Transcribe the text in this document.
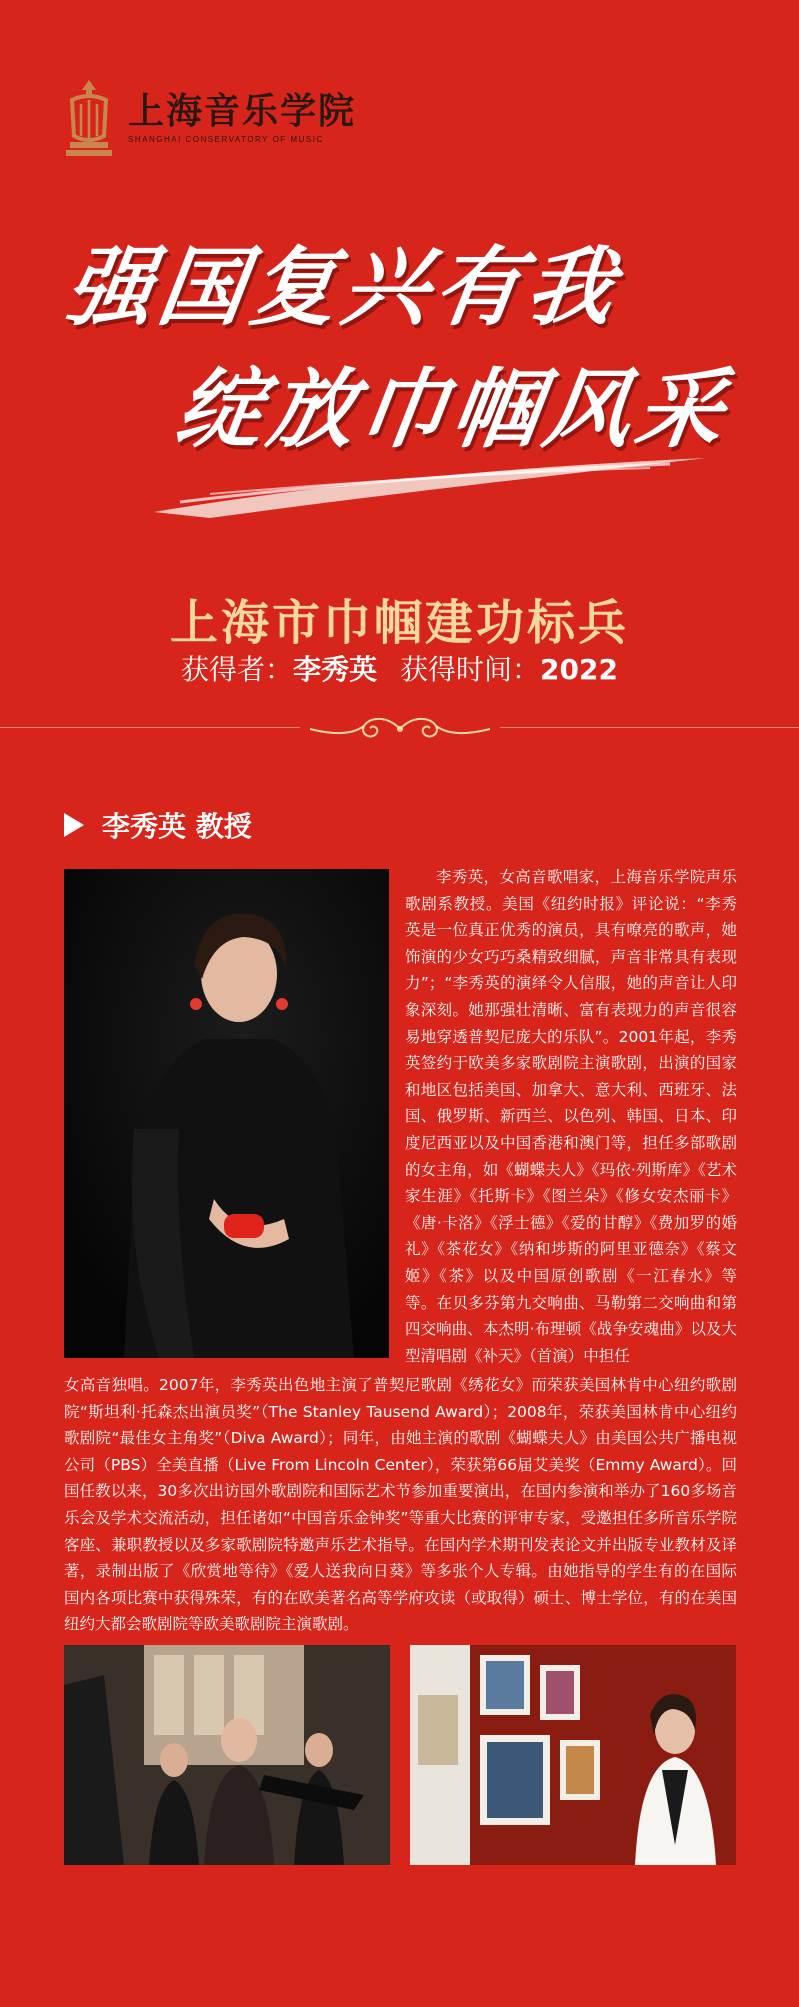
上海音乐学院
SHANGHAI CONSERVATORY OF MUSIC
强国复兴有我
绽放巾帼风采
上海市巾帼建功标兵
获得者：李秀英 获得时间：2022
李秀英 教授
李秀英，女高音歌唱家，上海音乐学院声乐歌剧系教授。美国《纽约时报》评论说：“李秀英是一位真正优秀的演员，具有嘹亮的歌声，她饰演的少女巧巧桑精致细腻，声音非常具有表现力”；“李秀英的演绎令人信服，她的声音让人印象深刻。她那强壮清晰、富有表现力的声音很容易地穿透普契尼庞大的乐队”。2001年起，李秀英签约于欧美多家歌剧院主演歌剧，出演的国家和地区包括美国、加拿大、意大利、西班牙、法国、俄罗斯、新西兰、以色列、韩国、日本、印度尼西亚以及中国香港和澳门等，担任多部歌剧的女主角，如《蝴蝶夫人》《玛依·列斯库》《艺术家生涯》《托斯卡》《图兰朵》《修女安杰丽卡》《唐·卡洛》《浮士德》《爱的甘醇》《费加罗的婚礼》《茶花女》《纳和埗斯的阿里亚德奈》《蔡文姬》《茶》以及中国原创歌剧《一江春水》等等。在贝多芬第九交响曲、马勒第二交响曲和第四交响曲、本杰明·布理顿《战争安魂曲》以及大型清唱剧《补天》（首演）中担任
女高音独唱。2007年，李秀英出色地主演了普契尼歌剧《绣花女》而荣获美国林肯中心纽约歌剧院“斯坦利·托森杰出演员奖”（The Stanley Tausend Award）；2008年，荣获美国林肯中心纽约歌剧院“最佳女主角奖”（Diva Award）；同年，由她主演的歌剧《蝴蝶夫人》由美国公共广播电视公司（PBS）全美直播（Live From Lincoln Center），荣获第66届艾美奖（Emmy Award）。回国任教以来，30多次出访国外歌剧院和国际艺术节参加重要演出，在国内参演和举办了160多场音乐会及学术交流活动，担任诸如“中国音乐金钟奖”等重大比赛的评审专家，受邀担任多所音乐学院客座、兼职教授以及多家歌剧院特邀声乐艺术指导。在国内学术期刊发表论文并出版专业教材及译著，录制出版了《欣赏地等待》《爱人送我向日葵》等多张个人专辑。由她指导的学生有的在国际国内各项比赛中获得殊荣，有的在欧美著名高等学府攻读（或取得）硕士、博士学位，有的在美国纽约大都会歌剧院等欧美歌剧院主演歌剧。
